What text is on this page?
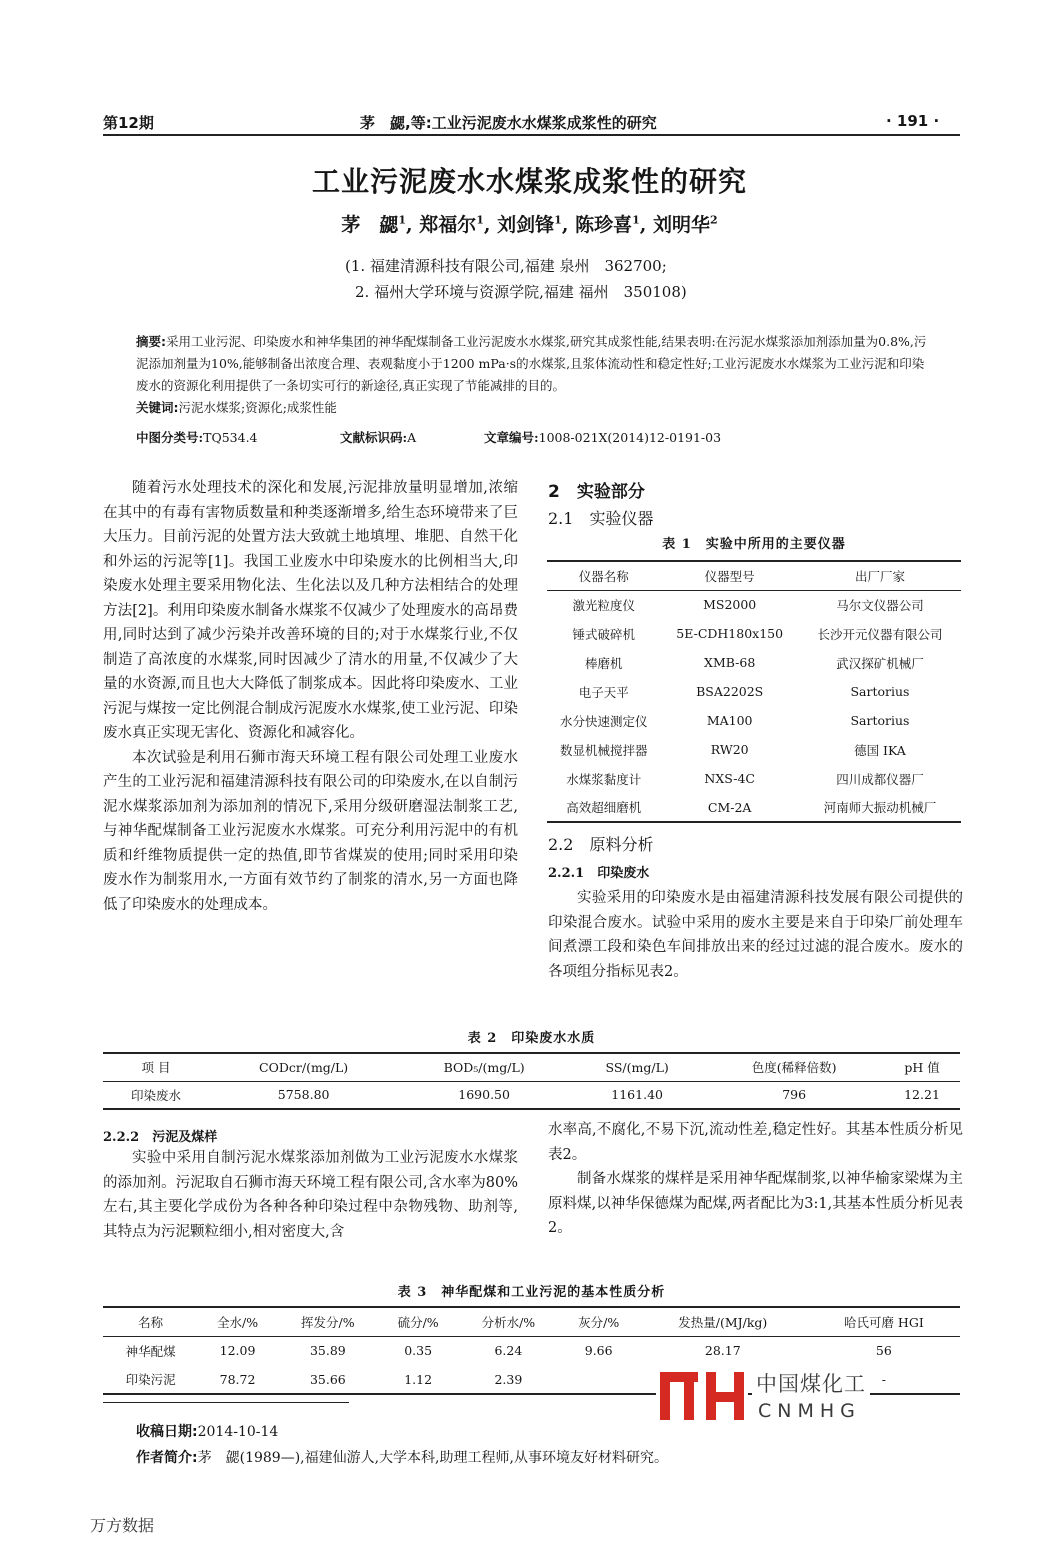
第12期	茅　勰,等:工业污泥废水水煤浆成浆性的研究	· 191 ·
工业污泥废水水煤浆成浆性的研究
茅　勰$^1$, 郑福尔$^1$, 刘剑锋$^1$, 陈珍喜$^1$, 刘明华$^2$
(1. 福建清源科技有限公司,福建 泉州　362700;
2. 福州大学环境与资源学院,福建 福州　350108)
摘要:采用工业污泥、印染废水和神华集团的神华配煤制备工业污泥废水水煤浆,研究其成浆性能,结果表明:在污泥水煤浆添加剂添加量为0.8%,污泥添加剂量为10%,能够制备出浓度合理、表观黏度小于1200 mPa·s的水煤浆,且浆体流动性和稳定性好;工业污泥废水水煤浆为工业污泥和印染废水的资源化利用提供了一条切实可行的新途径,真正实现了节能减排的目的。
关键词:污泥水煤浆;资源化;成浆性能
中图分类号:TQ534.4	文献标识码:A	文章编号:1008-021X(2014)12-0191-03

随着污水处理技术的深化和发展,污泥排放量明显增加,浓缩在其中的有毒有害物质数量和种类逐渐增多,给生态环境带来了巨大压力。目前污泥的处置方法大致就土地填埋、堆肥、自然干化和外运的污泥等[1]。我国工业废水中印染废水的比例相当大,印染废水处理主要采用物化法、生化法以及几种方法相结合的处理方法[2]。利用印染废水制备水煤浆不仅减少了处理废水的高昂费用,同时达到了减少污染并改善环境的目的;对于水煤浆行业,不仅制造了高浓度的水煤浆,同时因减少了清水的用量,不仅减少了大量的水资源,而且也大大降低了制浆成本。因此将印染废水、工业污泥与煤按一定比例混合制成污泥废水水煤浆,使工业污泥、印染废水真正实现无害化、资源化和减容化。

本次试验是利用石狮市海天环境工程有限公司处理工业废水产生的工业污泥和福建清源科技有限公司的印染废水,在以自制污泥水煤浆添加剂为添加剂的情况下,采用分级研磨湿法制浆工艺,与神华配煤制备工业污泥废水水煤浆。可充分利用污泥中的有机质和纤维物质提供一定的热值,即节省煤炭的使用;同时采用印染废水作为制浆用水,一方面有效节约了制浆的清水,另一方面也降低了印染废水的处理成本。

2　实验部分
2.1　实验仪器
表 1　实验中所用的主要仪器
仪器名称	仪器型号	出厂厂家
激光粒度仪	MS2000	马尔文仪器公司
锤式破碎机	5E-CDH180x150	长沙开元仪器有限公司
棒磨机	XMB-68	武汉探矿机械厂
电子天平	BSA2202S	Sartorius
水分快速测定仪	MA100	Sartorius
数显机械搅拌器	RW20	德国 IKA
水煤浆黏度计	NXS-4C	四川成都仪器厂
高效超细磨机	CM-2A	河南师大振动机械厂
2.2　原料分析
2.2.1　印染废水

实验采用的印染废水是由福建清源科技发展有限公司提供的印染混合废水。试验中采用的废水主要是来自于印染厂前处理车间煮漂工段和染色车间排放出来的经过过滤的混合废水。废水的各项组分指标见表2。

表 2　印染废水水质
项 目	CODcr/(mg/L)	BOD₅/(mg/L)	SS/(mg/L)	色度(稀释倍数)	pH 值
印染废水	5758.80	1690.50	1161.40	796	12.21
2.2.2　污泥及煤样

实验中采用自制污泥水煤浆添加剂做为工业污泥废水水煤浆的添加剂。污泥取自石狮市海天环境工程有限公司,含水率为80%左右,其主要化学成份为各种各种印染过程中杂物残物、助剂等,其特点为污泥颗粒细小,相对密度大,含

水率高,不腐化,不易下沉,流动性差,稳定性好。其基本性质分析见表2。

制备水煤浆的煤样是采用神华配煤制浆,以神华榆家梁煤为主原料煤,以神华保德煤为配煤,两者配比为3:1,其基本性质分析见表2。

表 3　神华配煤和工业污泥的基本性质分析
名称	全水/%	挥发分/%	硫分/%	分析水/%	灰分/%	发热量/(MJ/kg)	哈氏可磨 HGI
神华配煤	12.09	35.89	0.35	6.24	9.66	28.17	56
印染污泥	78.72	35.66	1.12	2.39			-
中国煤化工
CNMHG
收稿日期:2014-10-14
作者简介:茅　勰(1989—),福建仙游人,大学本科,助理工程师,从事环境友好材料研究。
万方数据
